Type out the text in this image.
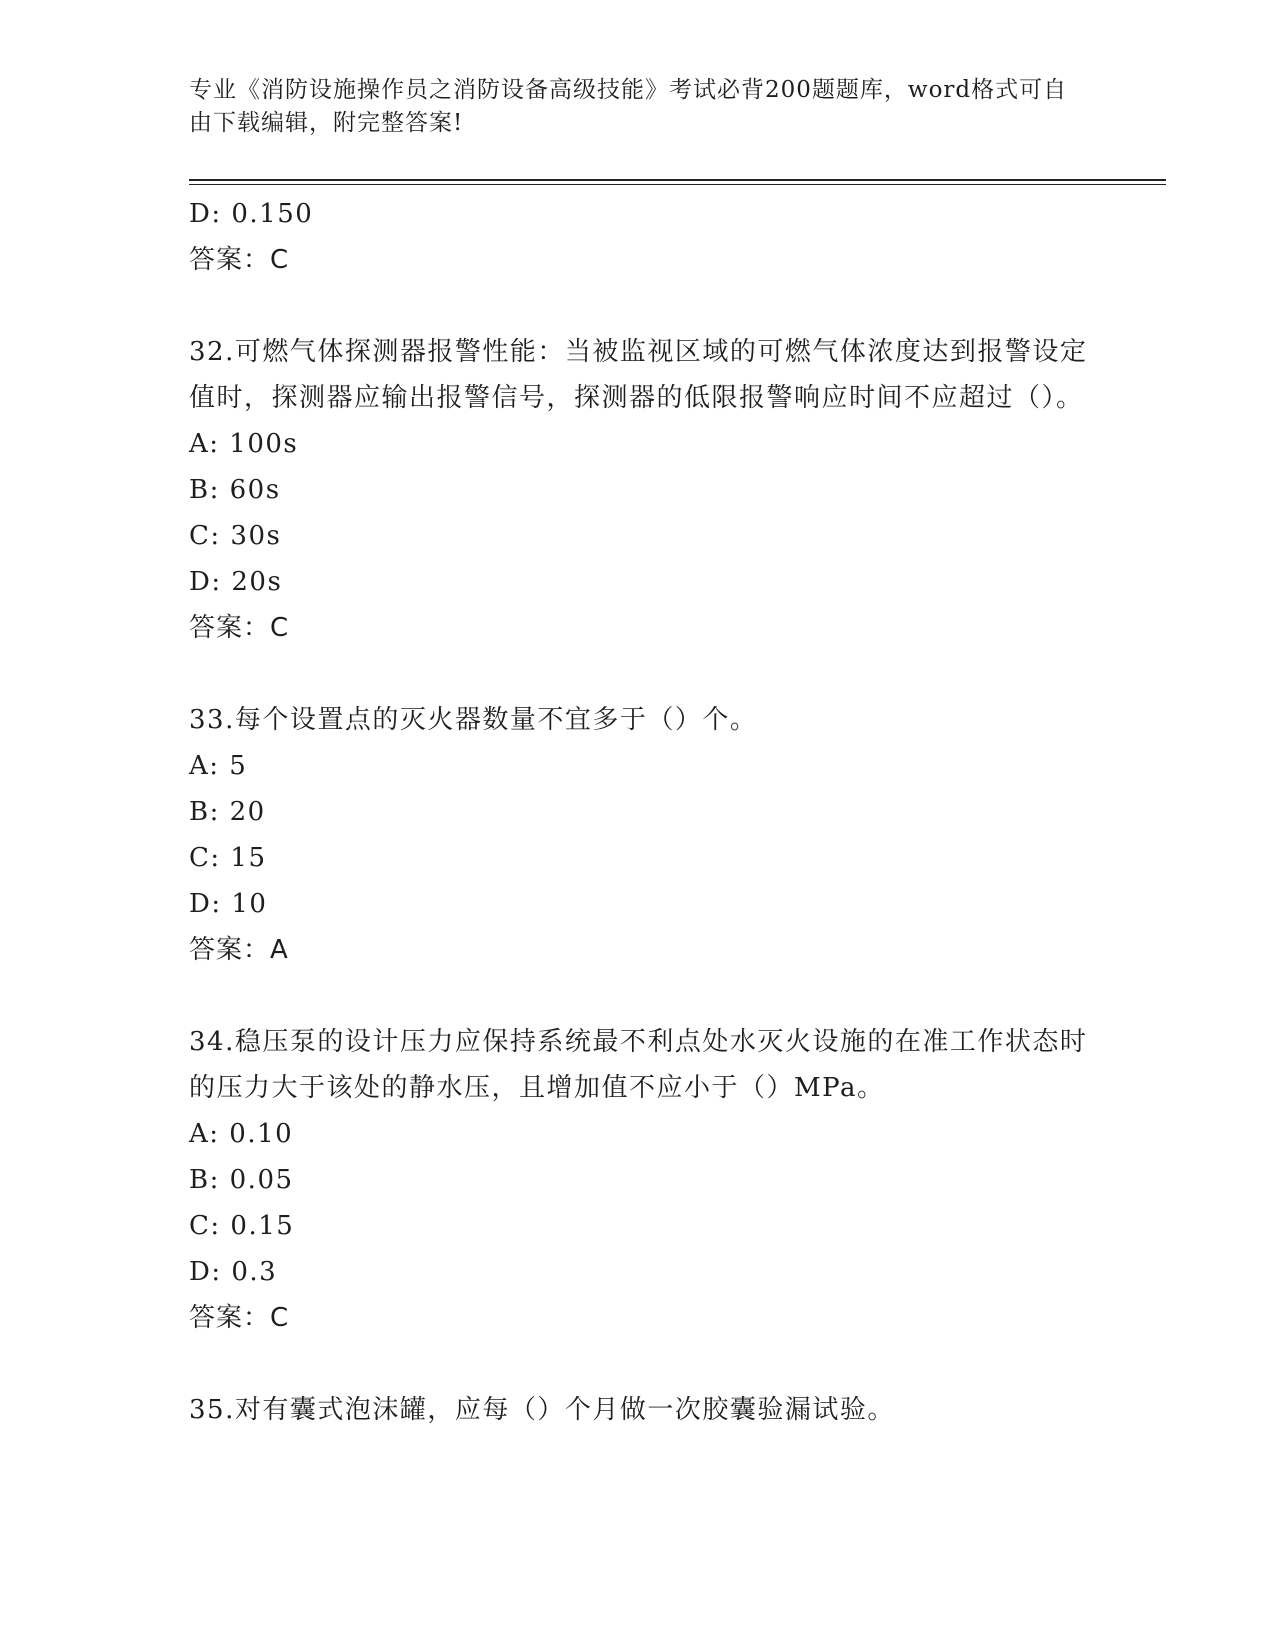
专业《消防设施操作员之消防设备高级技能》考试必背200题题库，word格式可自由下载编辑，附完整答案!

D: 0.150
答案：C
32.可燃气体探测器报警性能：当被监视区域的可燃气体浓度达到报警设定值时，探测器应输出报警信号，探测器的低限报警响应时间不应超过（）。
A: 100s
B: 60s
C: 30s
D: 20s
答案：C
33.每个设置点的灭火器数量不宜多于（）个。
A: 5
B: 20
C: 15
D: 10
答案：A
34.稳压泵的设计压力应保持系统最不利点处水灭火设施的在准工作状态时的压力大于该处的静水压，且增加值不应小于（）MPa。
A: 0.10
B: 0.05
C: 0.15
D: 0.3
答案：C
35.对有囊式泡沫罐，应每（）个月做一次胶囊验漏试验。
